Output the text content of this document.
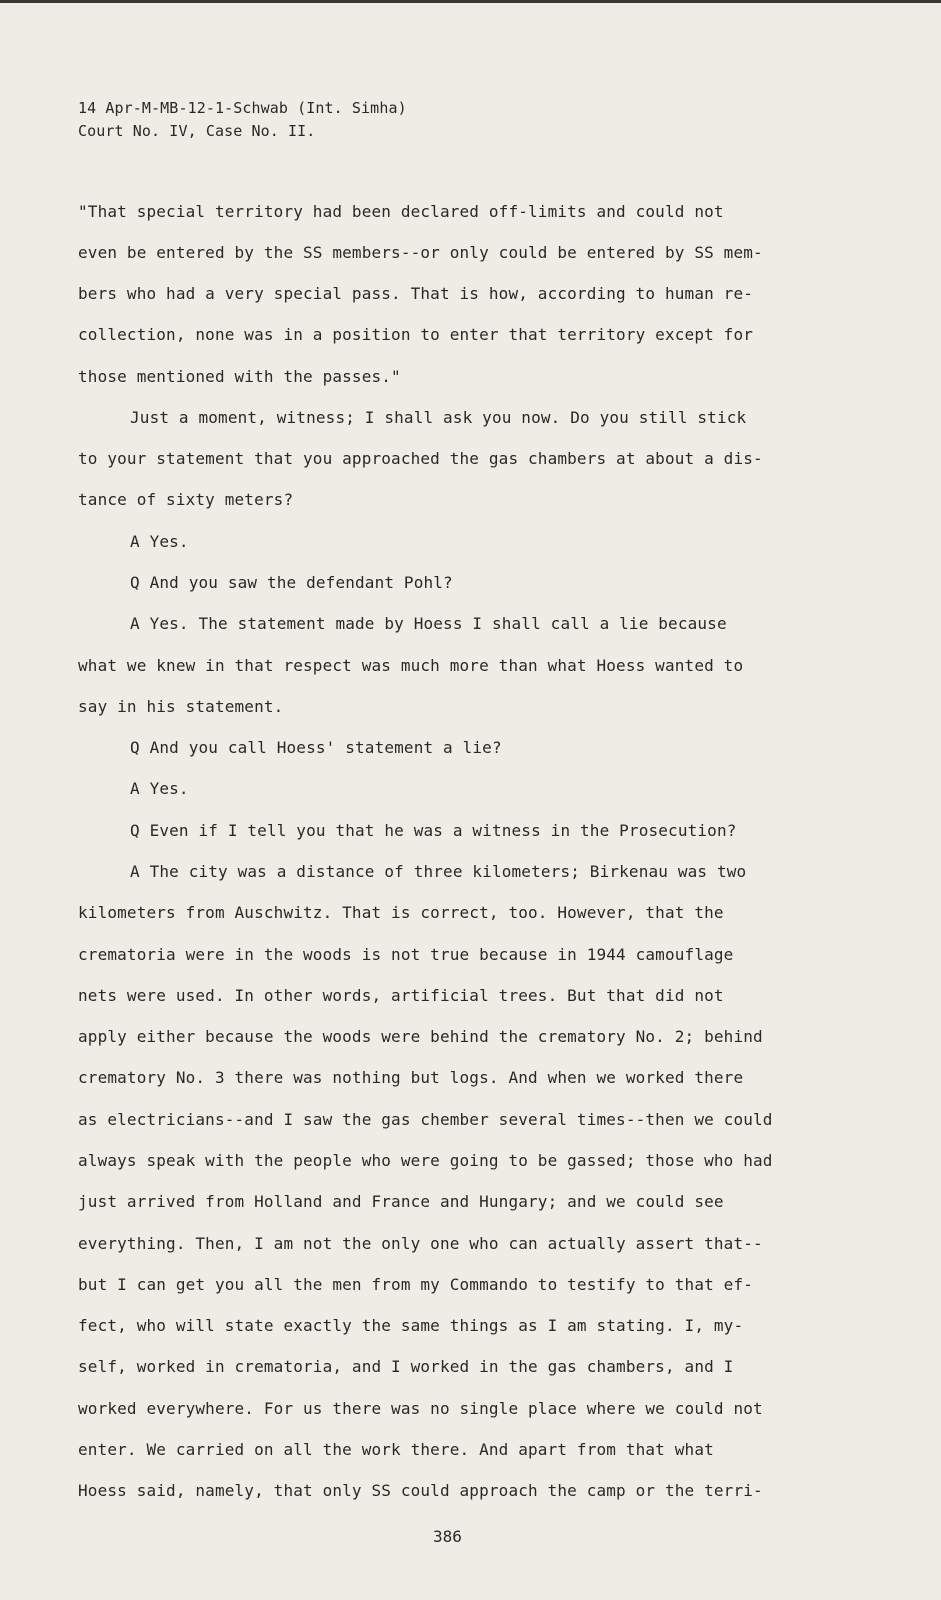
14 Apr-M-MB-12-1-Schwab (Int. Simha)
Court No. IV, Case No. II.
"That special territory had been declared off-limits and could not
even be entered by the SS members--or only could be entered by SS mem-
bers who had a very special pass. That is how, according to human re-
collection, none was in a position to enter that territory except for
those mentioned with the passes."
Just a moment, witness; I shall ask you now. Do you still stick
to your statement that you approached the gas chambers at about a dis-
tance of sixty meters?
A Yes.
Q And you saw the defendant Pohl?
A Yes. The statement made by Hoess I shall call a lie because
what we knew in that respect was much more than what Hoess wanted to
say in his statement.
Q And you call Hoess' statement a lie?
A Yes.
Q Even if I tell you that he was a witness in the Prosecution?
A The city was a distance of three kilometers; Birkenau was two
kilometers from Auschwitz. That is correct, too. However, that the
crematoria were in the woods is not true because in 1944 camouflage
nets were used. In other words, artificial trees. But that did not
apply either because the woods were behind the crematory No. 2; behind
crematory No. 3 there was nothing but logs. And when we worked there
as electricians--and I saw the gas chember several times--then we could
always speak with the people who were going to be gassed; those who had
just arrived from Holland and France and Hungary; and we could see
everything. Then, I am not the only one who can actually assert that--
but I can get you all the men from my Commando to testify to that ef-
fect, who will state exactly the same things as I am stating. I, my-
self, worked in crematoria, and I worked in the gas chambers, and I
worked everywhere. For us there was no single place where we could not
enter. We carried on all the work there. And apart from that what
Hoess said, namely, that only SS could approach the camp or the terri-
386
